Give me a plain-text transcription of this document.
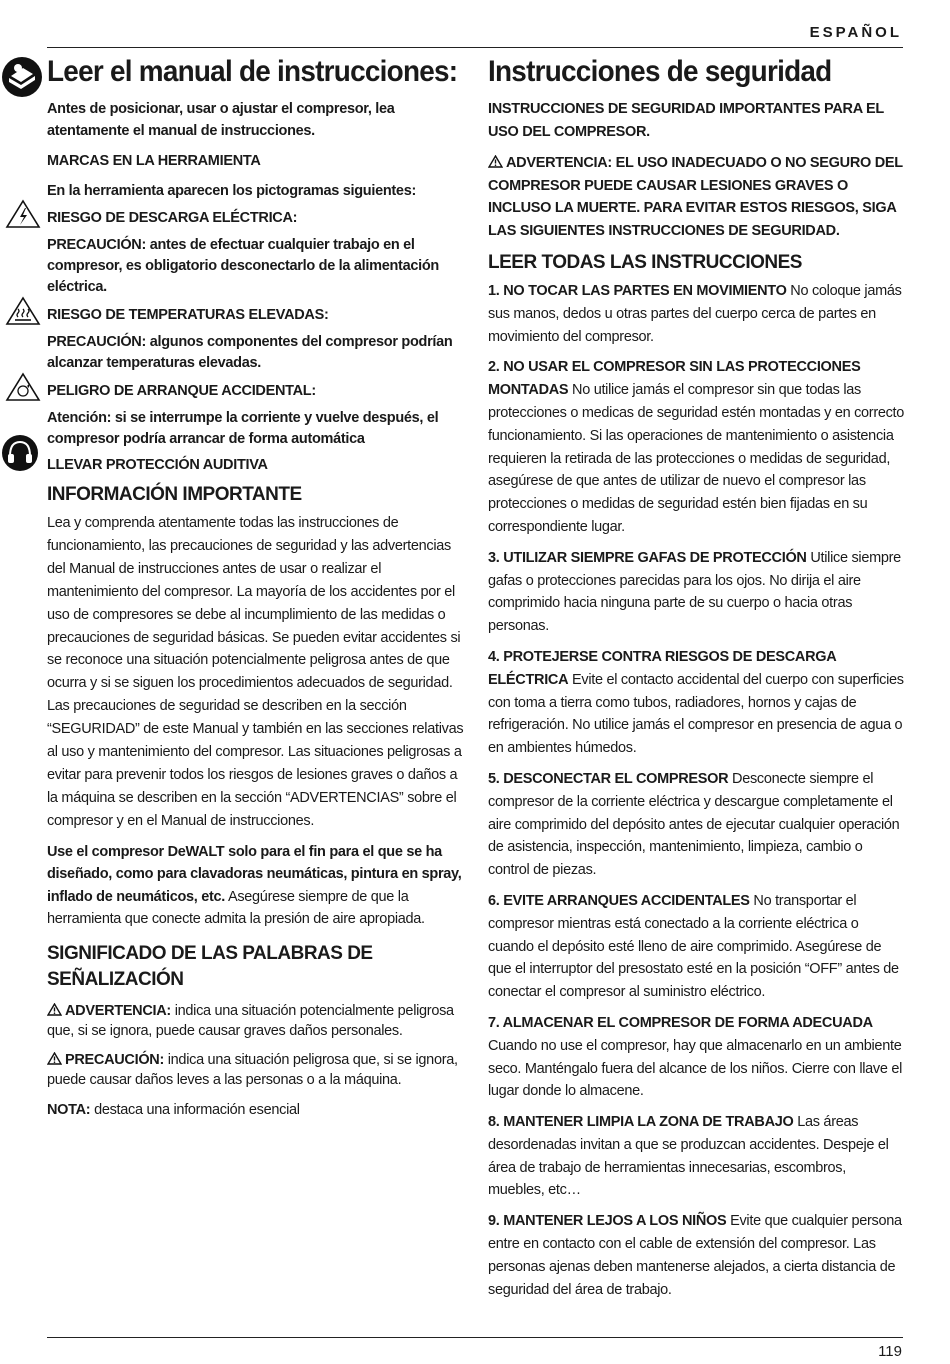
ESPAÑOL
Leer el manual de instrucciones:

Antes de posicionar, usar o ajustar el compresor, lea atentamente el manual de instrucciones.

MARCAS EN LA HERRAMIENTA

En la herramienta aparecen los pictogramas siguientes:

RIESGO DE DESCARGA ELÉCTRICA:

PRECAUCIÓN: antes de efectuar cualquier trabajo en el compresor, es obligatorio desconectarlo de la alimentación eléctrica.

RIESGO DE TEMPERATURAS ELEVADAS:

PRECAUCIÓN: algunos componentes del compresor podrían alcanzar temperaturas elevadas.

PELIGRO DE ARRANQUE ACCIDENTAL:

Atención: si se interrumpe la corriente y vuelve después, el compresor podría arrancar de forma automática

LLEVAR PROTECCIÓN AUDITIVA

INFORMACIÓN IMPORTANTE

Lea y comprenda atentamente todas las instrucciones de funcionamiento, las precauciones de seguridad y las advertencias del Manual de instrucciones antes de usar o realizar el mantenimiento del compresor. La mayoría de los accidentes por el uso de compresores se debe al incumplimiento de las medidas o precauciones de seguridad básicas. Se pueden evitar accidentes si se reconoce una situación potencialmente peligrosa antes de que ocurra y si se siguen los procedimientos adecuados de seguridad. Las precauciones de seguridad se describen en la sección “SEGURIDAD” de este Manual y también en las secciones relativas al uso y mantenimiento del compresor. Las situaciones peligrosas a evitar para prevenir todos los riesgos de lesiones graves o daños a la máquina se describen en la sección “ADVERTENCIAS” sobre el compresor y en el Manual de instrucciones.

Use el compresor DeWALT solo para el fin para el que se ha diseñado, como para clavadoras neumáticas, pintura en spray, inflado de neumáticos, etc. Asegúrese siempre de que la herramienta que conecte admita la presión de aire apropiada.

SIGNIFICADO DE LAS PALABRAS DE SEÑALIZACIÓN

ADVERTENCIA: indica una situación potencialmente peligrosa que, si se ignora, puede causar graves daños personales.

PRECAUCIÓN: indica una situación peligrosa que, si se ignora, puede causar daños leves a las personas o a la máquina.

NOTA: destaca una información esencial

Instrucciones de seguridad

INSTRUCCIONES DE SEGURIDAD IMPORTANTES PARA EL USO DEL COMPRESOR.

ADVERTENCIA: EL USO INADECUADO O NO SEGURO DEL COMPRESOR PUEDE CAUSAR LESIONES GRAVES O INCLUSO LA MUERTE. PARA EVITAR ESTOS RIESGOS, SIGA LAS SIGUIENTES INSTRUCCIONES DE SEGURIDAD.

LEER TODAS LAS INSTRUCCIONES

1. NO TOCAR LAS PARTES EN MOVIMIENTO No coloque jamás sus manos, dedos u otras partes del cuerpo cerca de partes en movimiento del compresor.

2. NO USAR EL COMPRESOR SIN LAS PROTECCIONES MONTADAS No utilice jamás el compresor sin que todas las protecciones o medicas de seguridad estén montadas y en correcto funcionamiento. Si las operaciones de mantenimiento o asistencia requieren la retirada de las protecciones o medidas de seguridad, asegúrese de que antes de utilizar de nuevo el compresor las protecciones o medidas de seguridad estén bien fijadas en su correspondiente lugar.

3. UTILIZAR SIEMPRE GAFAS DE PROTECCIÓN Utilice siempre gafas o protecciones parecidas para los ojos. No dirija el aire comprimido hacia ninguna parte de su cuerpo o hacia otras personas.

4. PROTEJERSE CONTRA RIESGOS DE DESCARGA ELÉCTRICA Evite el contacto accidental del cuerpo con superficies con toma a tierra como tubos, radiadores, hornos y cajas de refrigeración. No utilice jamás el compresor en presencia de agua o en ambientes húmedos.

5. DESCONECTAR EL COMPRESOR Desconecte siempre el compresor de la corriente eléctrica y descargue completamente el aire comprimido del depósito antes de ejecutar cualquier operación de asistencia, inspección, mantenimiento, limpieza, cambio o control de piezas.

6. EVITE ARRANQUES ACCIDENTALES No transportar el compresor mientras está conectado a la corriente eléctrica o cuando el depósito esté lleno de aire comprimido. Asegúrese de que el interruptor del presostato esté en la posición “OFF” antes de conectar el compresor al suministro eléctrico.

7. ALMACENAR EL COMPRESOR DE FORMA ADECUADA Cuando no use el compresor, hay que almacenarlo en un ambiente seco. Manténgalo fuera del alcance de los niños. Cierre con llave el lugar donde lo almacene.

8. MANTENER LIMPIA LA ZONA DE TRABAJO Las áreas desordenadas invitan a que se produzcan accidentes. Despeje el área de trabajo de herramientas innecesarias, escombros, muebles, etc…

9. MANTENER LEJOS A LOS NIÑOS Evite que cualquier persona entre en contacto con el cable de extensión del compresor. Las personas ajenas deben mantenerse alejados, a cierta distancia de seguridad del área de trabajo.

119
